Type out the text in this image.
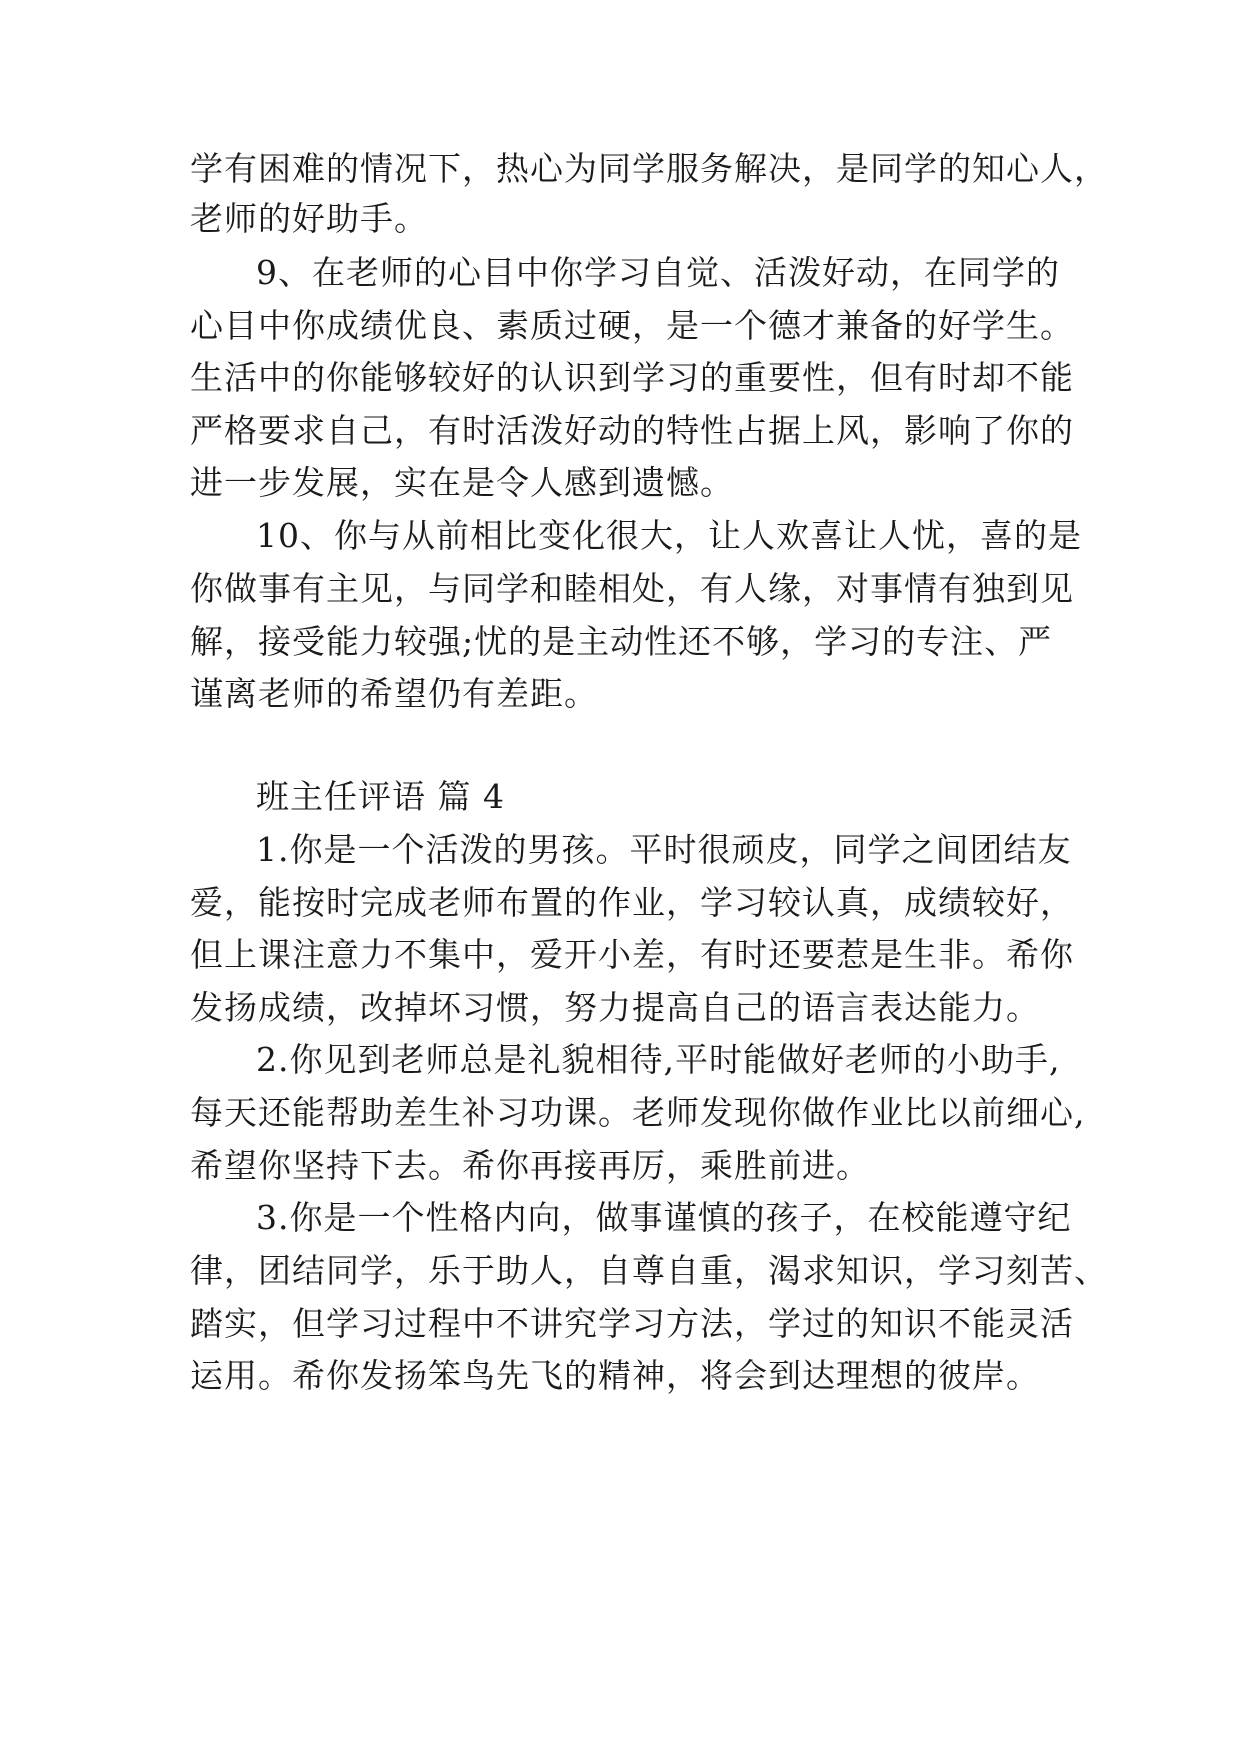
学有困难的情况下，热心为同学服务解决，是同学的知心人，
老师的好助手。
9、在老师的心目中你学习自觉、活泼好动，在同学的
心目中你成绩优良、素质过硬，是一个德才兼备的好学生。
生活中的你能够较好的认识到学习的重要性，但有时却不能
严格要求自己，有时活泼好动的特性占据上风，影响了你的
进一步发展，实在是令人感到遗憾。
10、你与从前相比变化很大，让人欢喜让人忧，喜的是
你做事有主见，与同学和睦相处，有人缘，对事情有独到见
解，接受能力较强;忧的是主动性还不够，学习的专注、严
谨离老师的希望仍有差距。
班主任评语 篇 4
1.你是一个活泼的男孩。平时很顽皮，同学之间团结友
爱，能按时完成老师布置的作业，学习较认真，成绩较好，
但上课注意力不集中，爱开小差，有时还要惹是生非。希你
发扬成绩，改掉坏习惯，努力提高自己的语言表达能力。
2.你见到老师总是礼貌相待,平时能做好老师的小助手,
每天还能帮助差生补习功课。老师发现你做作业比以前细心,
希望你坚持下去。希你再接再厉，乘胜前进。
3.你是一个性格内向，做事谨慎的孩子，在校能遵守纪
律，团结同学，乐于助人，自尊自重，渴求知识，学习刻苦、
踏实，但学习过程中不讲究学习方法，学过的知识不能灵活
运用。希你发扬笨鸟先飞的精神，将会到达理想的彼岸。
